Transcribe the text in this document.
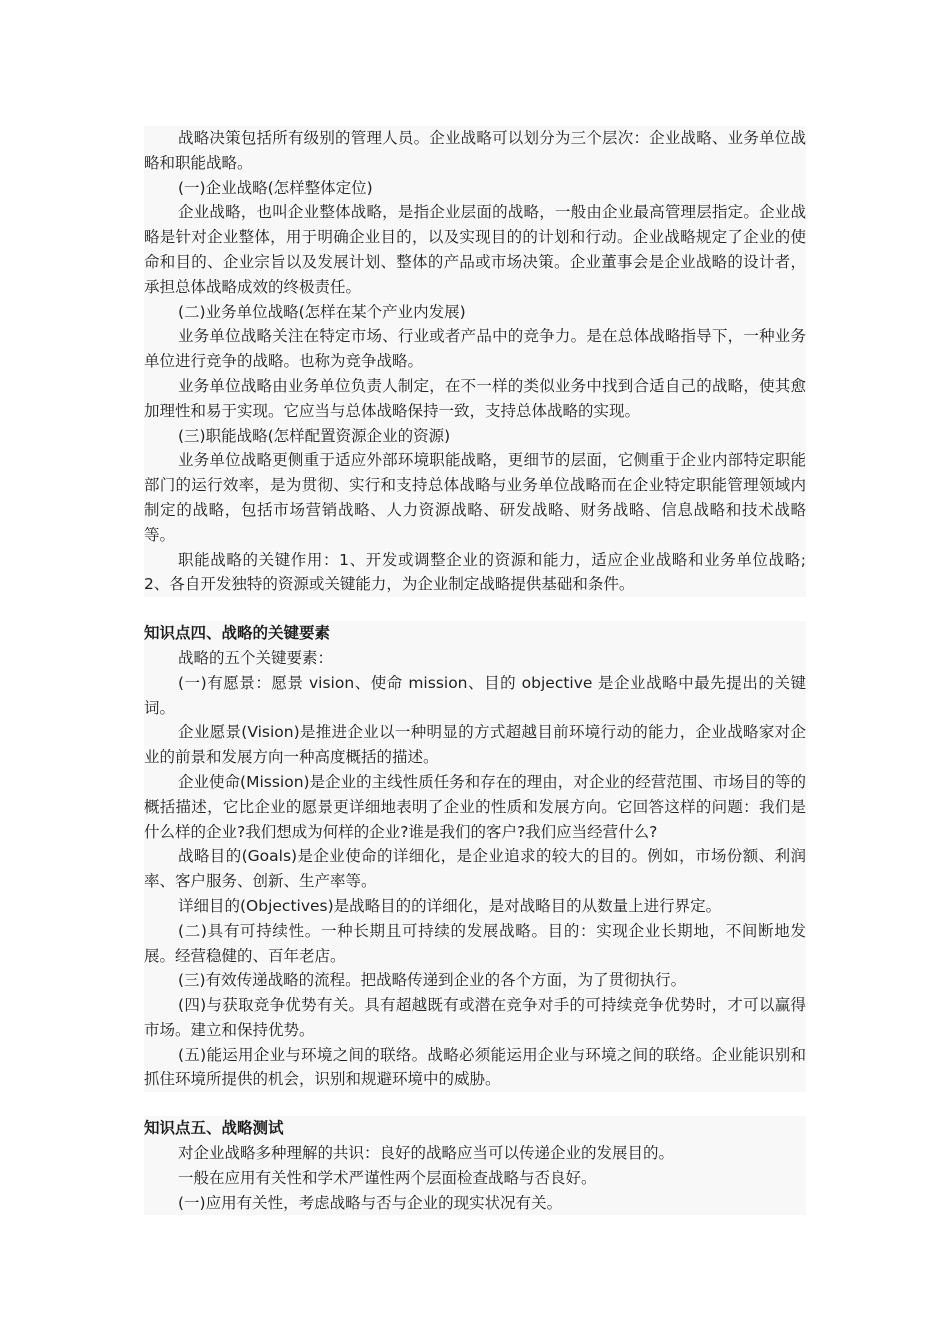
战略决策包括所有级别的管理人员。企业战略可以划分为三个层次：企业战略、业务单位战略和职能战略。

(一)企业战略(怎样整体定位)

企业战略，也叫企业整体战略，是指企业层面的战略，一般由企业最高管理层指定。企业战略是针对企业整体，用于明确企业目的，以及实现目的的计划和行动。企业战略规定了企业的使命和目的、企业宗旨以及发展计划、整体的产品或市场决策。企业董事会是企业战略的设计者，承担总体战略成效的终极责任。

(二)业务单位战略(怎样在某个产业内发展)

业务单位战略关注在特定市场、行业或者产品中的竞争力。是在总体战略指导下，一种业务单位进行竞争的战略。也称为竞争战略。

业务单位战略由业务单位负责人制定，在不一样的类似业务中找到合适自己的战略，使其愈加理性和易于实现。它应当与总体战略保持一致，支持总体战略的实现。

(三)职能战略(怎样配置资源企业的资源)

业务单位战略更侧重于适应外部环境职能战略，更细节的层面，它侧重于企业内部特定职能部门的运行效率，是为贯彻、实行和支持总体战略与业务单位战略而在企业特定职能管理领域内制定的战略，包括市场营销战略、人力资源战略、研发战略、财务战略、信息战略和技术战略等。

职能战略的关键作用：1、开发或调整企业的资源和能力，适应企业战略和业务单位战略;2、各自开发独特的资源或关键能力，为企业制定战略提供基础和条件。

知识点四、战略的关键要素

战略的五个关键要素：

(一)有愿景：愿景 vision、使命 mission、目的 objective 是企业战略中最先提出的关键词。

企业愿景(Vision)是推进企业以一种明显的方式超越目前环境行动的能力，企业战略家对企业的前景和发展方向一种高度概括的描述。

企业使命(Mission)是企业的主线性质任务和存在的理由，对企业的经营范围、市场目的等的概括描述，它比企业的愿景更详细地表明了企业的性质和发展方向。它回答这样的问题：我们是什么样的企业?我们想成为何样的企业?谁是我们的客户?我们应当经营什么?

战略目的(Goals)是企业使命的详细化，是企业追求的较大的目的。例如，市场份额、利润率、客户服务、创新、生产率等。

详细目的(Objectives)是战略目的的详细化，是对战略目的从数量上进行界定。

(二)具有可持续性。一种长期且可持续的发展战略。目的：实现企业长期地，不间断地发展。经营稳健的、百年老店。

(三)有效传递战略的流程。把战略传递到企业的各个方面，为了贯彻执行。

(四)与获取竞争优势有关。具有超越既有或潜在竞争对手的可持续竞争优势时，才可以赢得市场。建立和保持优势。

(五)能运用企业与环境之间的联络。战略必须能运用企业与环境之间的联络。企业能识别和抓住环境所提供的机会，识别和规避环境中的威胁。

知识点五、战略测试

对企业战略多种理解的共识：良好的战略应当可以传递企业的发展目的。

一般在应用有关性和学术严谨性两个层面检查战略与否良好。

(一)应用有关性，考虑战略与否与企业的现实状况有关。
